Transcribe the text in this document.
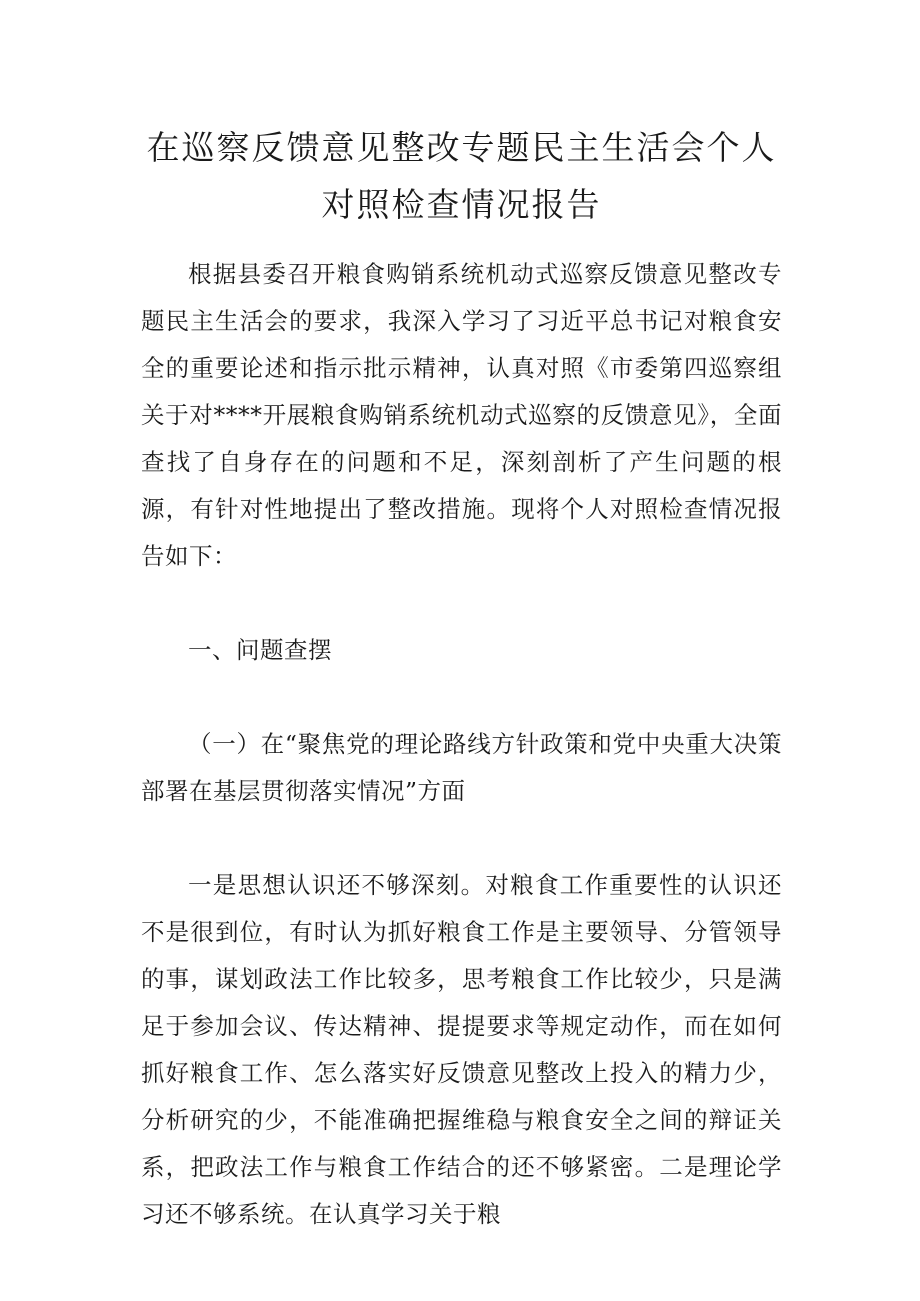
在巡察反馈意见整改专题民主生活会个人
对照检查情况报告

根据县委召开粮食购销系统机动式巡察反馈意见整改专题民主生活会的要求，我深入学习了习近平总书记对粮食安全的重要论述和指示批示精神，认真对照《市委第四巡察组关于对****开展粮食购销系统机动式巡察的反馈意见》，全面查找了自身存在的问题和不足，深刻剖析了产生问题的根源，有针对性地提出了整改措施。现将个人对照检查情况报告如下：

一、问题查摆

（一）在“聚焦党的理论路线方针政策和党中央重大决策部署在基层贯彻落实情况”方面

一是思想认识还不够深刻。对粮食工作重要性的认识还不是很到位，有时认为抓好粮食工作是主要领导、分管领导的事，谋划政法工作比较多，思考粮食工作比较少，只是满足于参加会议、传达精神、提提要求等规定动作，而在如何抓好粮食工作、怎么落实好反馈意见整改上投入的精力少，分析研究的少，不能准确把握维稳与粮食安全之间的辩证关系，把政法工作与粮食工作结合的还不够紧密。二是理论学习还不够系统。在认真学习关于粮
